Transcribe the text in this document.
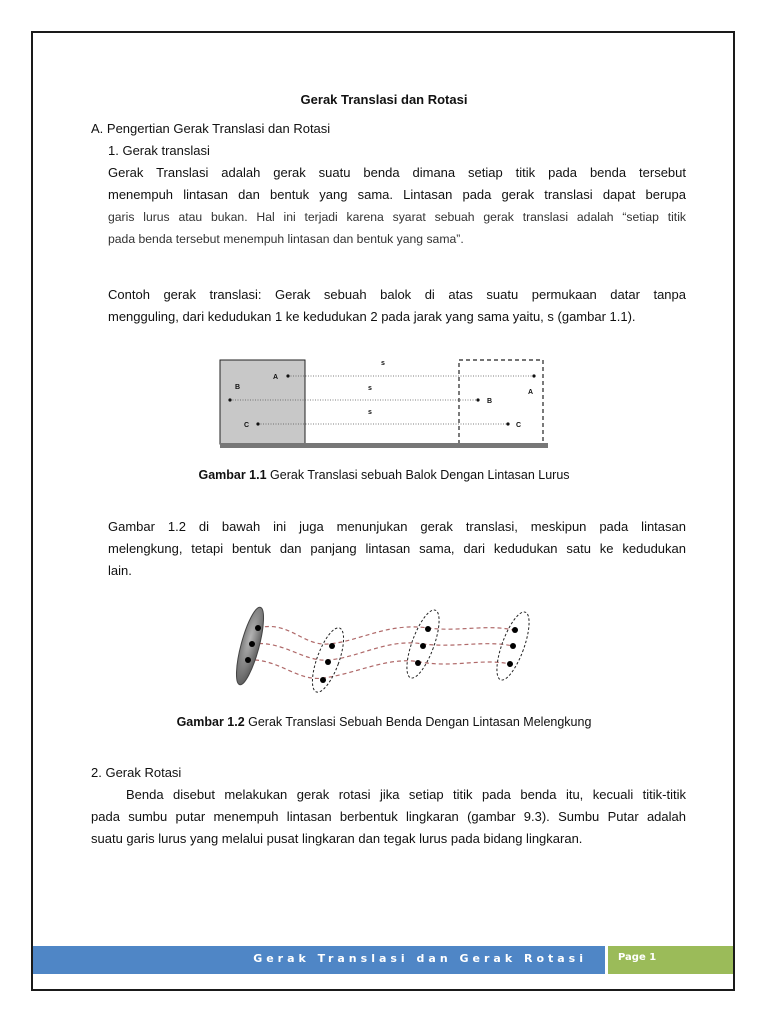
Gerak Translasi dan Rotasi
A. Pengertian Gerak Translasi dan Rotasi
1. Gerak translasi
Gerak Translasi adalah gerak suatu benda dimana setiap titik pada benda tersebut
menempuh lintasan dan bentuk yang sama. Lintasan pada gerak translasi dapat berupa
garis lurus atau bukan. Hal ini terjadi karena syarat sebuah gerak translasi adalah “setiap titik
pada benda tersebut menempuh lintasan dan bentuk yang sama”.
Contoh gerak translasi: Gerak sebuah balok di atas suatu permukaan datar tanpa
mengguling, dari kedudukan 1 ke kedudukan 2 pada jarak yang sama yaitu, s (gambar 1.1).
A
B
C
A
B
C
s
s
s
Gambar 1.1 Gerak Translasi sebuah Balok Dengan Lintasan Lurus
Gambar 1.2 di bawah ini juga menunjukan gerak translasi, meskipun pada lintasan
melengkung, tetapi bentuk dan panjang lintasan sama, dari kedudukan satu ke kedudukan
lain.
Gambar 1.2 Gerak Translasi Sebuah Benda Dengan Lintasan Melengkung
2. Gerak Rotasi
Benda disebut melakukan gerak rotasi jika setiap titik pada benda itu, kecuali titik-titik
pada sumbu putar menempuh lintasan berbentuk lingkaran (gambar 9.3). Sumbu Putar adalah
suatu garis lurus yang melalui pusat lingkaran dan tegak lurus pada bidang lingkaran.
Gerak Translasi dan Gerak Rotasi	Page 1
